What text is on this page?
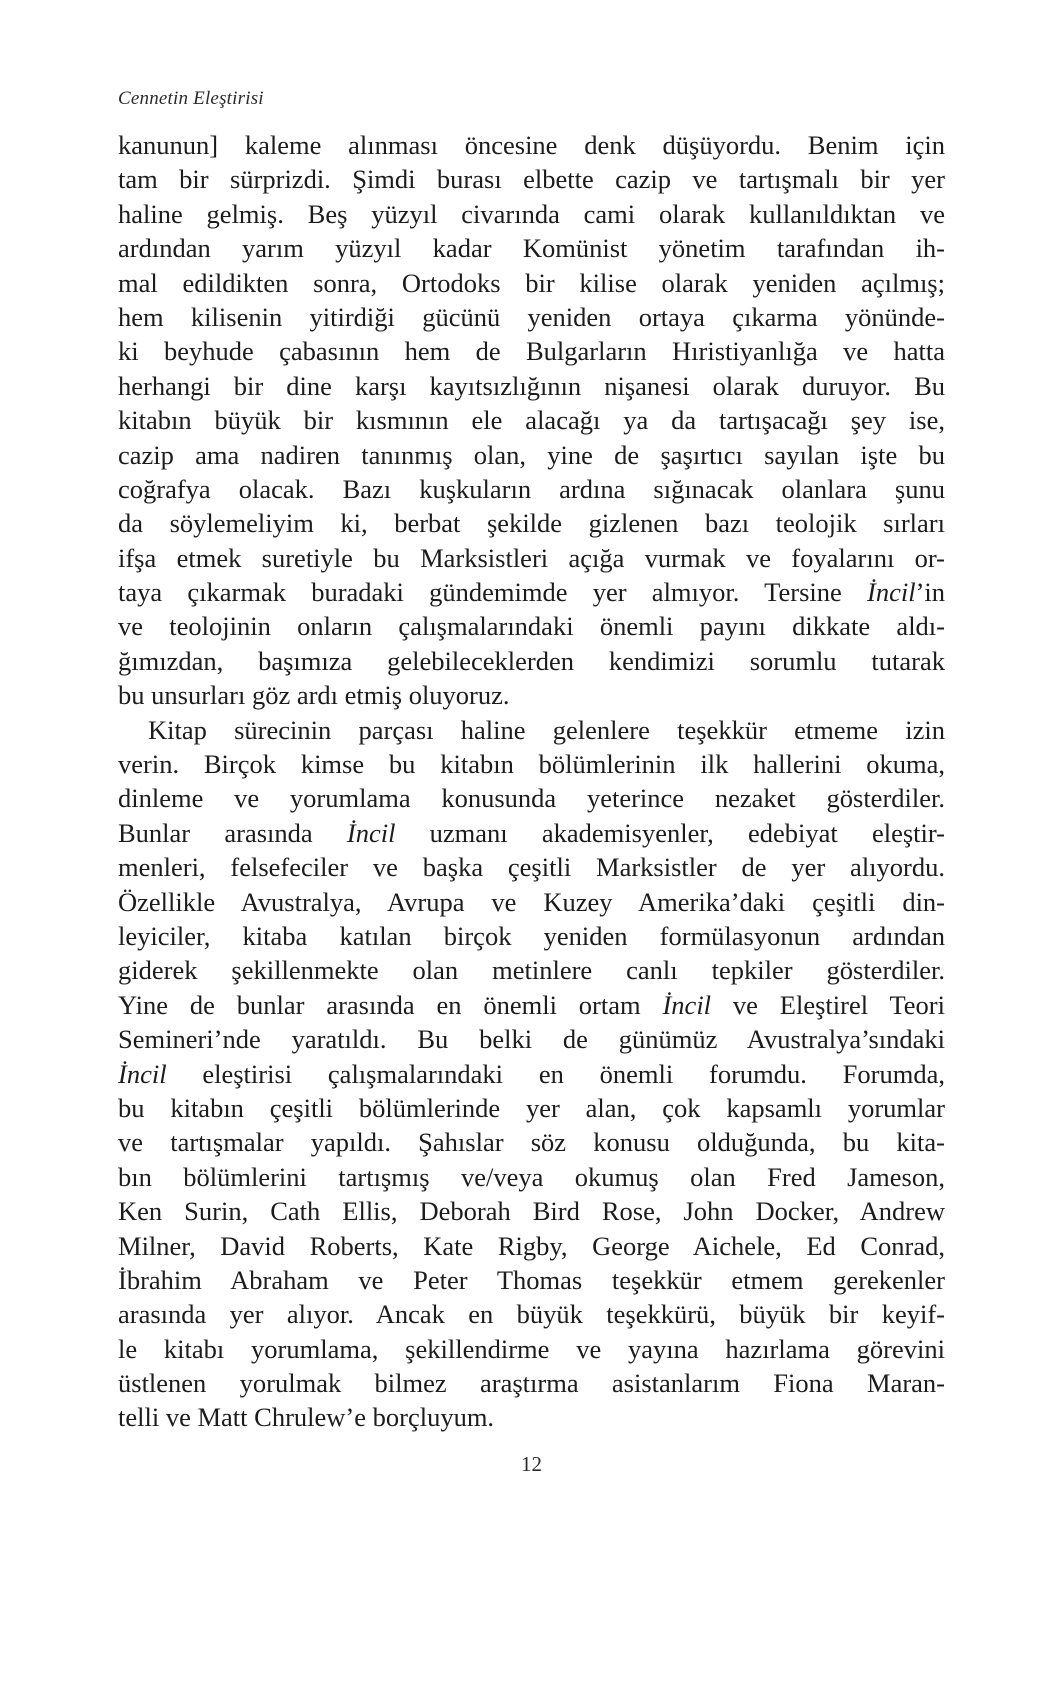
Cennetin Eleştirisi
kanunun] kaleme alınması öncesine denk düşüyordu. Benim için
tam bir sürprizdi. Şimdi burası elbette cazip ve tartışmalı bir yer
haline gelmiş. Beş yüzyıl civarında cami olarak kullanıldıktan ve
ardından yarım yüzyıl kadar Komünist yönetim tarafından ih-
mal edildikten sonra, Ortodoks bir kilise olarak yeniden açılmış;
hem kilisenin yitirdiği gücünü yeniden ortaya çıkarma yönünde-
ki beyhude çabasının hem de Bulgarların Hıristiyanlığa ve hatta
herhangi bir dine karşı kayıtsızlığının nişanesi olarak duruyor. Bu
kitabın büyük bir kısmının ele alacağı ya da tartışacağı şey ise,
cazip ama nadiren tanınmış olan, yine de şaşırtıcı sayılan işte bu
coğrafya olacak. Bazı kuşkuların ardına sığınacak olanlara şunu
da söylemeliyim ki, berbat şekilde gizlenen bazı teolojik sırları
ifşa etmek suretiyle bu Marksistleri açığa vurmak ve foyalarını or-
taya çıkarmak buradaki gündemimde yer almıyor. Tersine İncil’in
ve teolojinin onların çalışmalarındaki önemli payını dikkate aldı-
ğımızdan, başımıza gelebileceklerden kendimizi sorumlu tutarak
bu unsurları göz ardı etmiş oluyoruz.
Kitap sürecinin parçası haline gelenlere teşekkür etmeme izin
verin. Birçok kimse bu kitabın bölümlerinin ilk hallerini okuma,
dinleme ve yorumlama konusunda yeterince nezaket gösterdiler.
Bunlar arasında İncil uzmanı akademisyenler, edebiyat eleştir-
menleri, felsefeciler ve başka çeşitli Marksistler de yer alıyordu.
Özellikle Avustralya, Avrupa ve Kuzey Amerika’daki çeşitli din-
leyiciler, kitaba katılan birçok yeniden formülasyonun ardından
giderek şekillenmekte olan metinlere canlı tepkiler gösterdiler.
Yine de bunlar arasında en önemli ortam İncil ve Eleştirel Teori
Semineri’nde yaratıldı. Bu belki de günümüz Avustralya’sındaki
İncil eleştirisi çalışmalarındaki en önemli forumdu. Forumda,
bu kitabın çeşitli bölümlerinde yer alan, çok kapsamlı yorumlar
ve tartışmalar yapıldı. Şahıslar söz konusu olduğunda, bu kita-
bın bölümlerini tartışmış ve/veya okumuş olan Fred Jameson,
Ken Surin, Cath Ellis, Deborah Bird Rose, John Docker, Andrew
Milner, David Roberts, Kate Rigby, George Aichele, Ed Conrad,
İbrahim Abraham ve Peter Thomas teşekkür etmem gerekenler
arasında yer alıyor. Ancak en büyük teşekkürü, büyük bir keyif-
le kitabı yorumlama, şekillendirme ve yayına hazırlama görevini
üstlenen yorulmak bilmez araştırma asistanlarım Fiona Maran-
telli ve Matt Chrulew’e borçluyum.
12
